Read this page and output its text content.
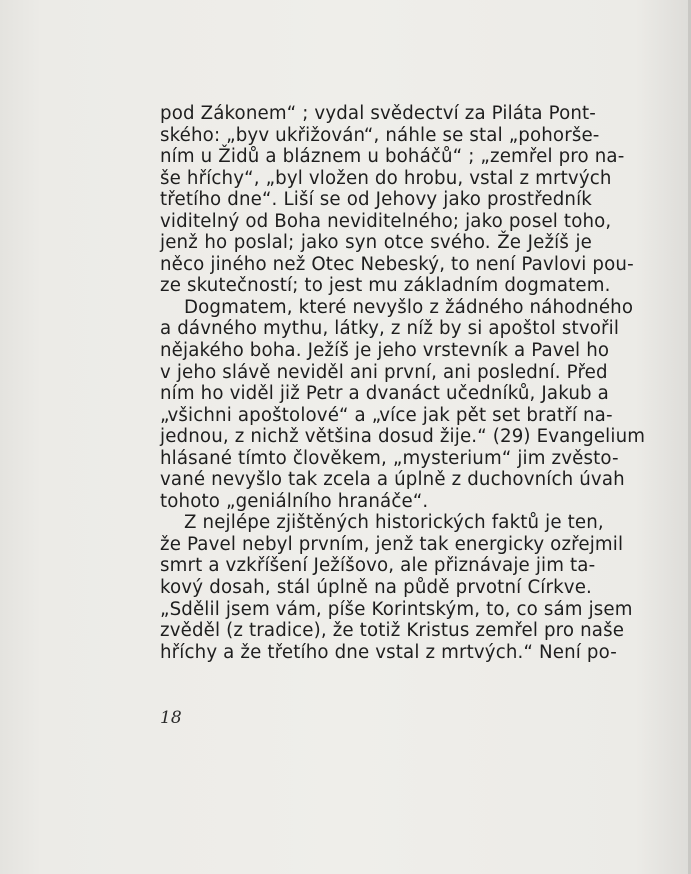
pod Zákonem“ ; vydal svědectví za Piláta Pont-
ského: „byv ukřižován“, náhle se stal „pohorše-
ním u Židů a bláznem u boháčů“ ; „zemřel pro na-
še hříchy“, „byl vložen do hrobu, vstal z mrtvých
třetího dne“. Liší se od Jehovy jako prostředník
viditelný od Boha neviditelného; jako posel toho,
jenž ho poslal; jako syn otce svého. Že Ježíš je
něco jiného než Otec Nebeský, to není Pavlovi pou-
ze skutečností; to jest mu základním dogmatem.
Dogmatem, které nevyšlo z žádného náhodného
a dávného mythu, látky, z níž by si apoštol stvořil
nějakého boha. Ježíš je jeho vrstevník a Pavel ho
v jeho slávě neviděl ani první, ani poslední. Před
ním ho viděl již Petr a dvanáct učedníků, Jakub a
„všichni apoštolové“ a „více jak pět set bratří na-
jednou, z nichž většina dosud žije.“ (29) Evangelium
hlásané tímto člověkem, „mysterium“ jim zvěsto-
vané nevyšlo tak zcela a úplně z duchovních úvah
tohoto „geniálního hranáče“.
Z nejlépe zjištěných historických faktů je ten,
že Pavel nebyl prvním, jenž tak energicky ozřejmil
smrt a vzkříšení Ježíšovo, ale přiznávaje jim ta-
kový dosah, stál úplně na půdě prvotní Církve.
„Sdělil jsem vám, píše Korintským, to, co sám jsem
zvěděl (z tradice), že totiž Kristus zemřel pro naše
hříchy a že třetího dne vstal z mrtvých.“ Není po-
18
